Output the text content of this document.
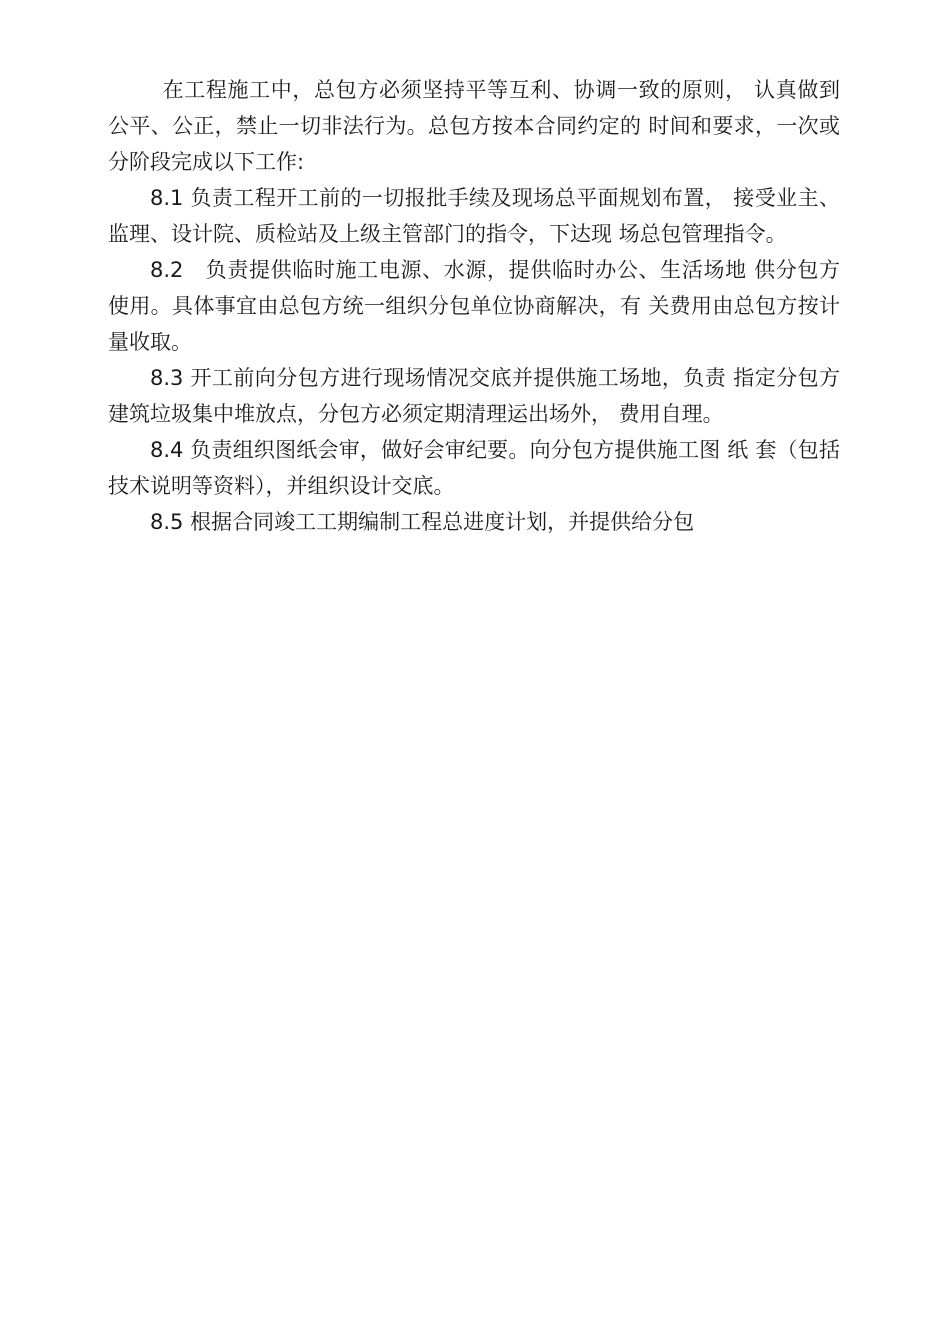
在工程施工中，总包方必须坚持平等互利、协调一致的原则， 认真做到公平、公正，禁止一切非法行为。总包方按本合同约定的 时间和要求，一次或分阶段完成以下工作:

8.1 负责工程开工前的一切报批手续及现场总平面规划布置， 接受业主、监理、设计院、质检站及上级主管部门的指令，下达现 场总包管理指令。

8.2　负责提供临时施工电源、水源，提供临时办公、生活场地 供分包方使用。具体事宜由总包方统一组织分包单位协商解决，有 关费用由总包方按计量收取。

8.3 开工前向分包方进行现场情况交底并提供施工场地，负责 指定分包方建筑垃圾集中堆放点，分包方必须定期清理运出场外， 费用自理。

8.4 负责组织图纸会审，做好会审纪要。向分包方提供施工图 纸 套（包括技术说明等资料），并组织设计交底。

8.5 根据合同竣工工期编制工程总进度计划，并提供给分包
